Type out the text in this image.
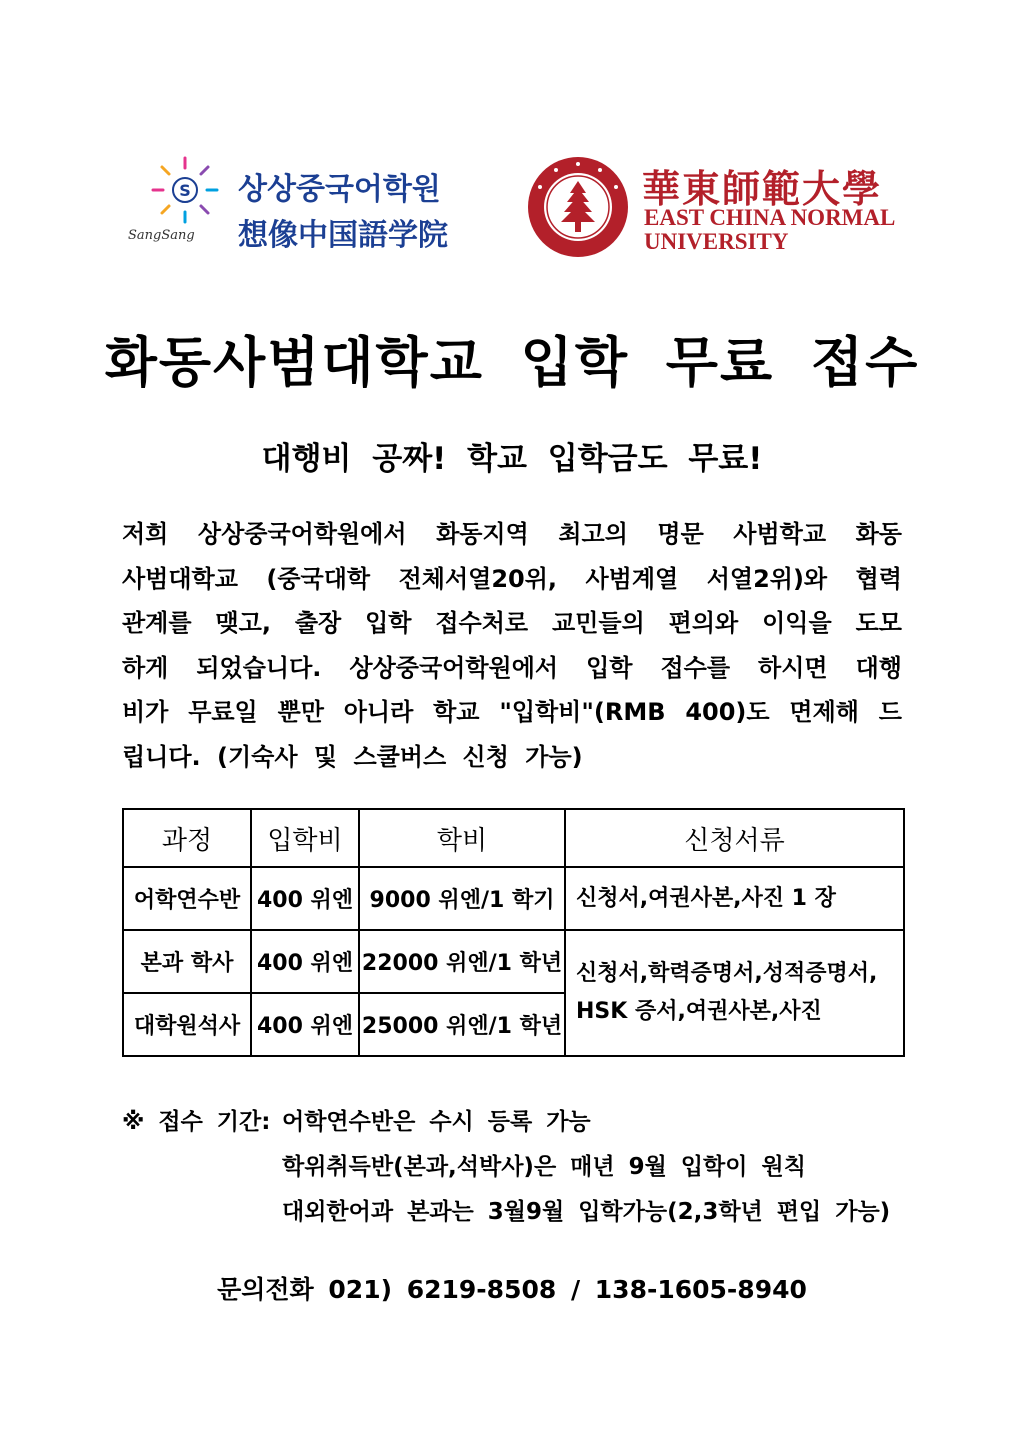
S
SangSang
상상중국어학원
想像中国語学院
華東師範大學
EAST CHINA NORMAL
UNIVERSITY
화동사범대학교 입학 무료 접수
대행비 공짜! 학교 입학금도 무료!
저희 상상중국어학원에서 화동지역 최고의 명문 사범학교 화동
사범대학교 (중국대학 전체서열20위, 사범계열 서열2위)와 협력
관계를 맺고, 출장 입학 접수처로 교민들의 편의와 이익을 도모
하게 되었습니다. 상상중국어학원에서 입학 접수를 하시면 대행
비가 무료일 뿐만 아니라 학교 "입학비"(RMB 400)도 면제해 드
립니다. (기숙사 및 스쿨버스 신청 가능)
과정	입학비	학비	신청서류
어학연수반	400 위엔	9000 위엔/1 학기	신청서,여권사본,사진 1 장
본과 학사	400 위엔	22000 위엔/1 학년	신청서,학력증명서,성적증명서,
HSK 증서,여권사본,사진
대학원석사	400 위엔	25000 위엔/1 학년	
※ 접수 기간: 어학연수반은 수시 등록 가능
학위취득반(본과,석박사)은 매년 9월 입학이 원칙
대외한어과 본과는 3월9월 입학가능(2,3학년 편입 가능)
문의전화 021) 6219-8508 / 138-1605-8940
